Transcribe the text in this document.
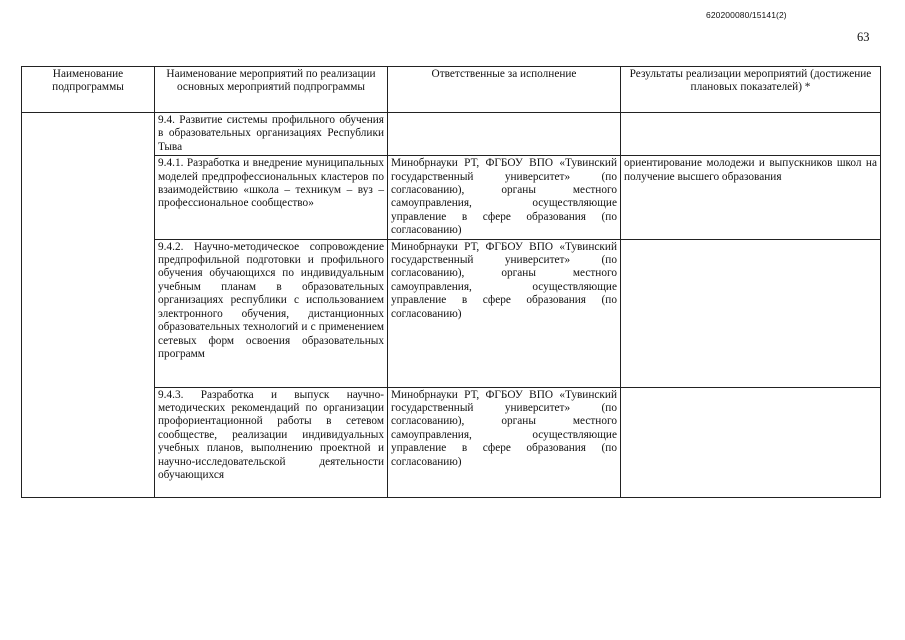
620200080/15141(2)
63
Наименование подпрограммы	Наименование мероприятий по реализации основных мероприятий подпрограммы	Ответственные за исполнение	Результаты реализации мероприятий (достижение плановых показателей) *
	9.4. Развитие системы профильного обучения в образовательных организациях Республики Тыва		
	9.4.1. Разработка и внедрение муниципальных моделей предпрофессиональных кластеров по взаимодействию «школа – техникум – вуз – профессиональное сообщество»	Минобрнауки РТ, ФГБОУ ВПО «Тувинский государственный университет» (по согласованию), органы местного самоуправления, осуществляющие управление в сфере образования (по согласованию)	ориентирование молодежи и выпускников школ на получение высшего образования
	9.4.2. Научно-методическое сопровождение предпрофильной подготовки и профильного обучения обучающихся по индивидуальным учебным планам в образовательных организациях республики с использованием электронного обучения, дистанционных образовательных технологий и с применением сетевых форм освоения образовательных программ	Минобрнауки РТ, ФГБОУ ВПО «Тувинский государственный университет» (по согласованию), органы местного самоуправления, осуществляющие управление в сфере образования (по согласованию)	
	9.4.3. Разработка и выпуск научно-методических рекомендаций по организации профориентационной работы в сетевом сообществе, реализации индивидуальных учебных планов, выполнению проектной и научно-исследовательской деятельности обучающихся	Минобрнауки РТ, ФГБОУ ВПО «Тувинский государственный университет» (по согласованию), органы местного самоуправления, осуществляющие управление в сфере образования (по согласованию)	
